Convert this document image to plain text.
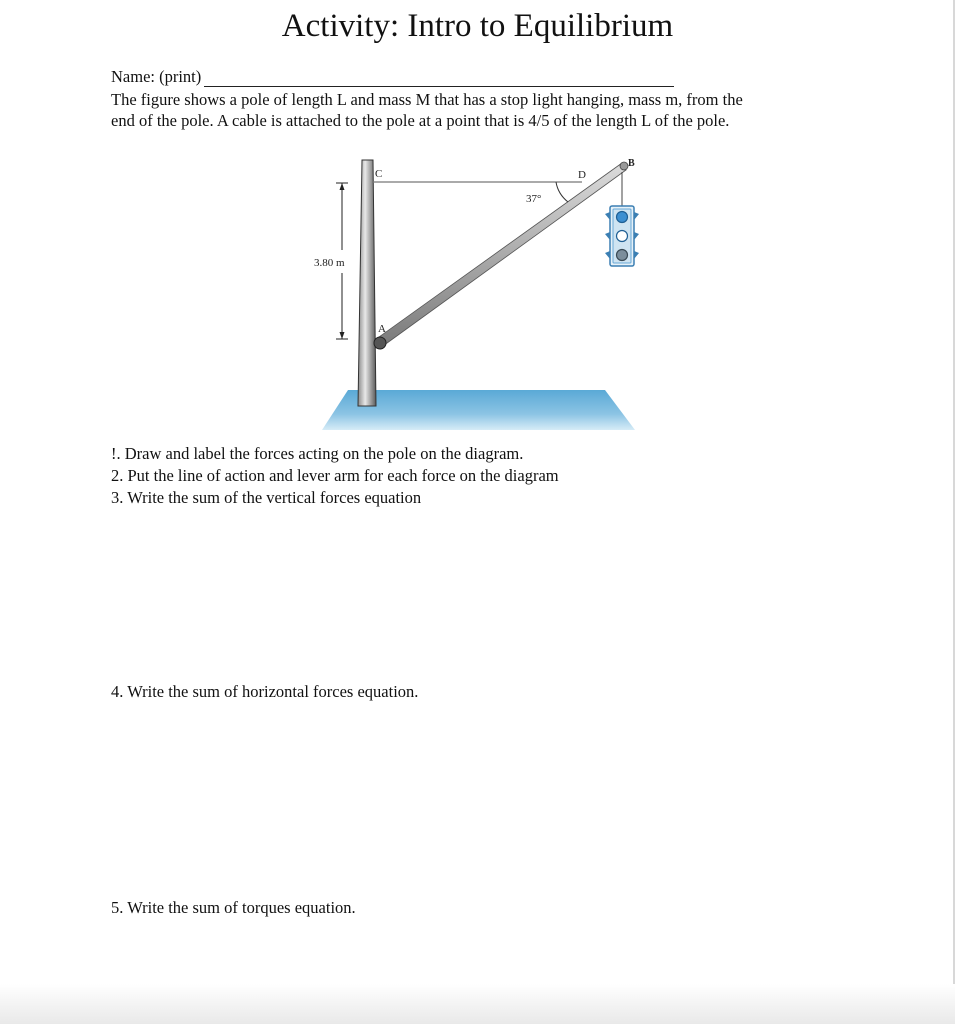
Activity: Intro to Equilibrium
Name: (print)
The figure shows a pole of length L and mass M that has a stop light hanging, mass m, from the
end of the pole. A cable is attached to the pole at a point that is 4/5 of the length L of the pole.
3.80 m
37°
C	D
B
A
!. Draw and label the forces acting on the pole on the diagram.
2. Put the line of action and lever arm for each force on the diagram
3. Write the sum of the vertical forces equation
4. Write the sum of horizontal forces equation.
5. Write the sum of torques equation.
